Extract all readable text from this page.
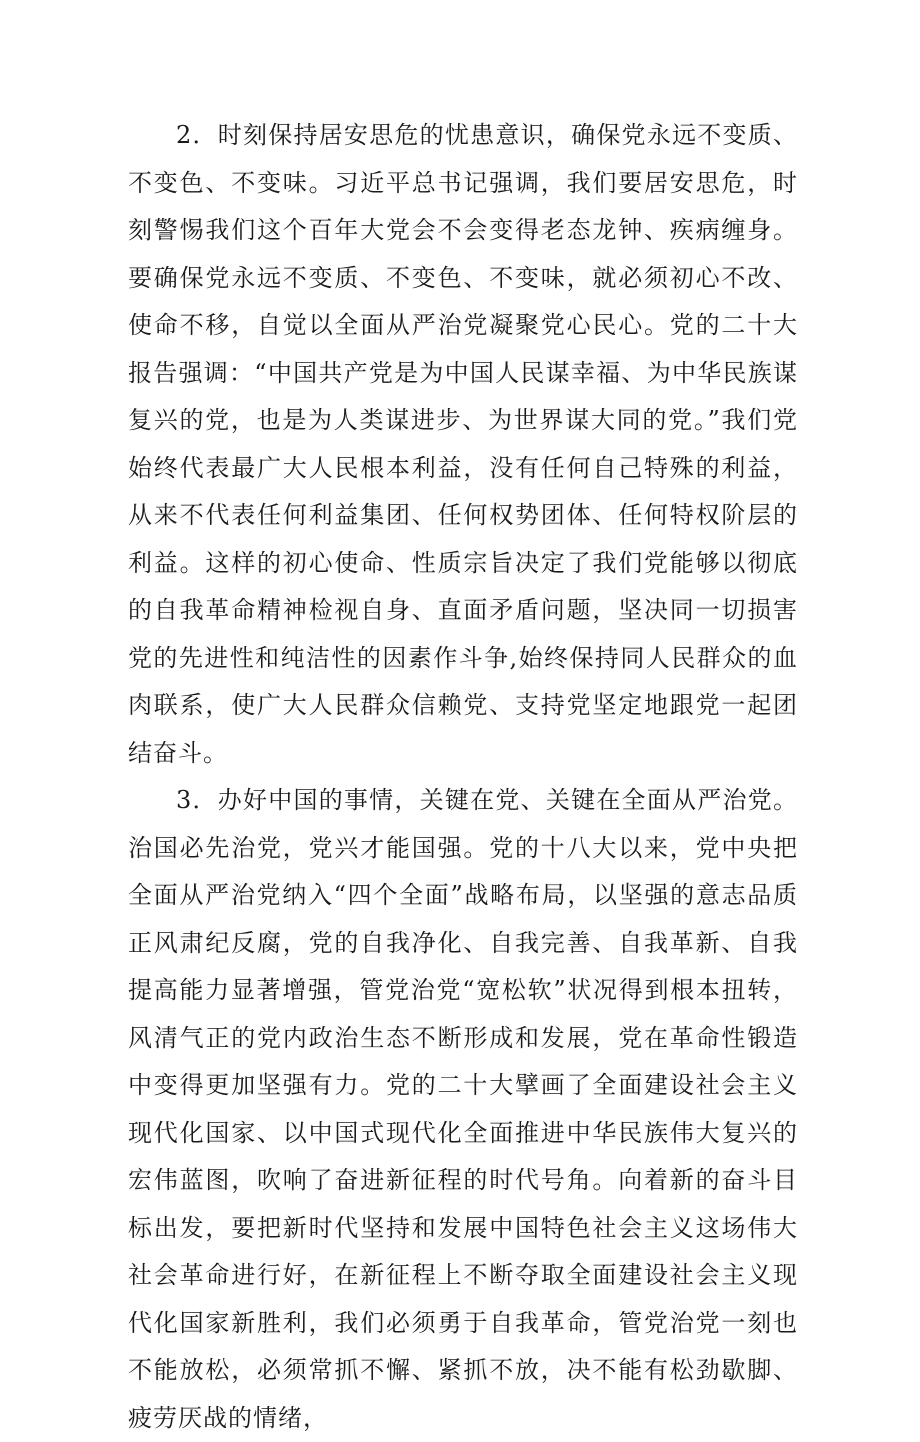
2．时刻保持居安思危的忧患意识，确保党永远不变质、不变色、不变味。习近平总书记强调，我们要居安思危，时刻警惕我们这个百年大党会不会变得老态龙钟、疾病缠身。要确保党永远不变质、不变色、不变味，就必须初心不改、使命不移，自觉以全面从严治党凝聚党心民心。党的二十大报告强调：“中国共产党是为中国人民谋幸福、为中华民族谋复兴的党，也是为人类谋进步、为世界谋大同的党。”我们党始终代表最广大人民根本利益，没有任何自己特殊的利益，从来不代表任何利益集团、任何权势团体、任何特权阶层的利益。这样的初心使命、性质宗旨决定了我们党能够以彻底的自我革命精神检视自身、直面矛盾问题，坚决同一切损害党的先进性和纯洁性的因素作斗争,始终保持同人民群众的血肉联系，使广大人民群众信赖党、支持党坚定地跟党一起团结奋斗。

3．办好中国的事情，关键在党、关键在全面从严治党。治国必先治党，党兴才能国强。党的十八大以来，党中央把全面从严治党纳入“四个全面”战略布局，以坚强的意志品质正风肃纪反腐，党的自我净化、自我完善、自我革新、自我提高能力显著增强，管党治党“宽松软”状况得到根本扭转，风清气正的党内政治生态不断形成和发展，党在革命性锻造中变得更加坚强有力。党的二十大擘画了全面建设社会主义现代化国家、以中国式现代化全面推进中华民族伟大复兴的宏伟蓝图，吹响了奋进新征程的时代号角。向着新的奋斗目标出发，要把新时代坚持和发展中国特色社会主义这场伟大社会革命进行好，在新征程上不断夺取全面建设社会主义现代化国家新胜利，我们必须勇于自我革命，管党治党一刻也不能放松，必须常抓不懈、紧抓不放，决不能有松劲歇脚、疲劳厌战的情绪，
